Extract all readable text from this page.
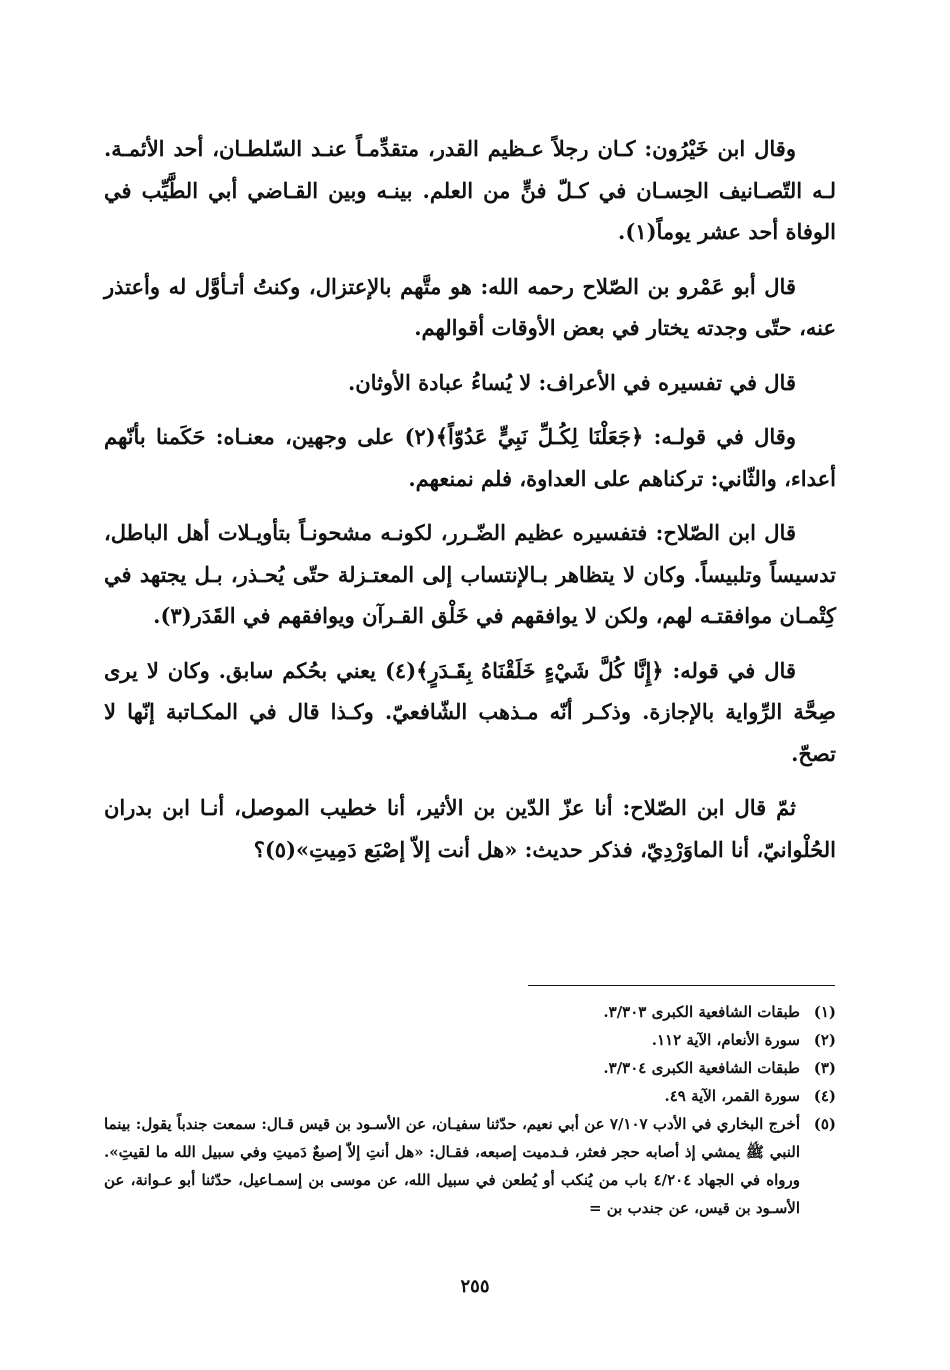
وقال ابن خَيْرُون: كـان رجلاً عـظيم القدر، متقدِّمـاً عنـد السّلطـان، أحد الأئمـة. لـه التّصـانيف الحِسـان في كـلّ فنٍّ من العلم. بينـه وبين القـاضي أبي الطَّيِّب في الوفاة أحد عشر يوماً(١).

قال أبو عَمْرو بن الصّلاح رحمه الله: هو متَّهم بالإعتزال، وكنتُ أتـأوَّل له وأعتذر عنه، حتّى وجدته يختار في بعض الأوقات أقوالهم.

قال في تفسيره في الأعراف: لا يُساءُ عبادة الأوثان.

وقال في قولـه: ﴿جَعَلْنَا لِكُـلِّ نَبِيٍّ عَدُوّاً﴾(٢) على وجهين، معنـاه: حَكَمنا بأنّهم أعداء، والثّاني: تركناهم على العداوة، فلم نمنعهم.

قال ابن الصّلاح: فتفسيره عظيم الضّـرر، لكونـه مشحونـاً بتأويـلات أهل الباطل، تدسيساً وتلبيساً. وكان لا يتظاهر بـالإنتساب إلى المعتـزلة حتّى يُحـذر، بـل يجتهد في كِتْمـان موافقتـه لهم، ولكن لا يوافقهم في خَلْق القـرآن ويوافقهم في القَدَر(٣).

قال في قوله: ﴿إِنَّا كُلَّ شَيْءٍ خَلَقْنَاهُ بِقَـدَرٍ﴾(٤) يعني بحُكم سابق. وكان لا يرى صِحَّة الرِّواية بالإجازة. وذكـر أنّه مـذهب الشّافعيّ. وكـذا قال في المكـاتبة إنّها لا تصحّ.

ثمّ قال ابن الصّلاح: أنا عزّ الدّين بن الأثير، أنا خطيب الموصل، أنـا ابن بدران الحُلْوانيّ، أنا الماوَرْدِيّ، فذكر حديث: «هل أنت إلاّ إصْبَع دَمِيتِ»(٥)؟

(١)
طبقات الشافعية الكبرى ٣/٣٠٣.
(٢)
سورة الأنعام، الآية ١١٢.
(٣)
طبقات الشافعية الكبرى ٣/٣٠٤.
(٤)
سورة القمر، الآية ٤٩.
(٥)
أخرج البخاري في الأدب ٧/١٠٧ عن أبي نعيم، حدّثنا سفيـان، عن الأسـود بن قيس قـال: سمعت جندباً يقول: بينما النبي ﷺ يمشي إذ أصابه حجر فعثر، فـدميت إصبعه، فقـال: «هل أنتِ إلاّ إصبعٌ دَميتِ وفي سبيل الله ما لقيتِ». ورواه في الجهاد ٤/٢٠٤ باب من يُنكب أو يُطعن في سبيل الله، عن موسى بن إسمـاعيل، حدّثنا أبو عـوانة، عن الأسـود بن قيس، عن جندب بن =
٢٥٥
